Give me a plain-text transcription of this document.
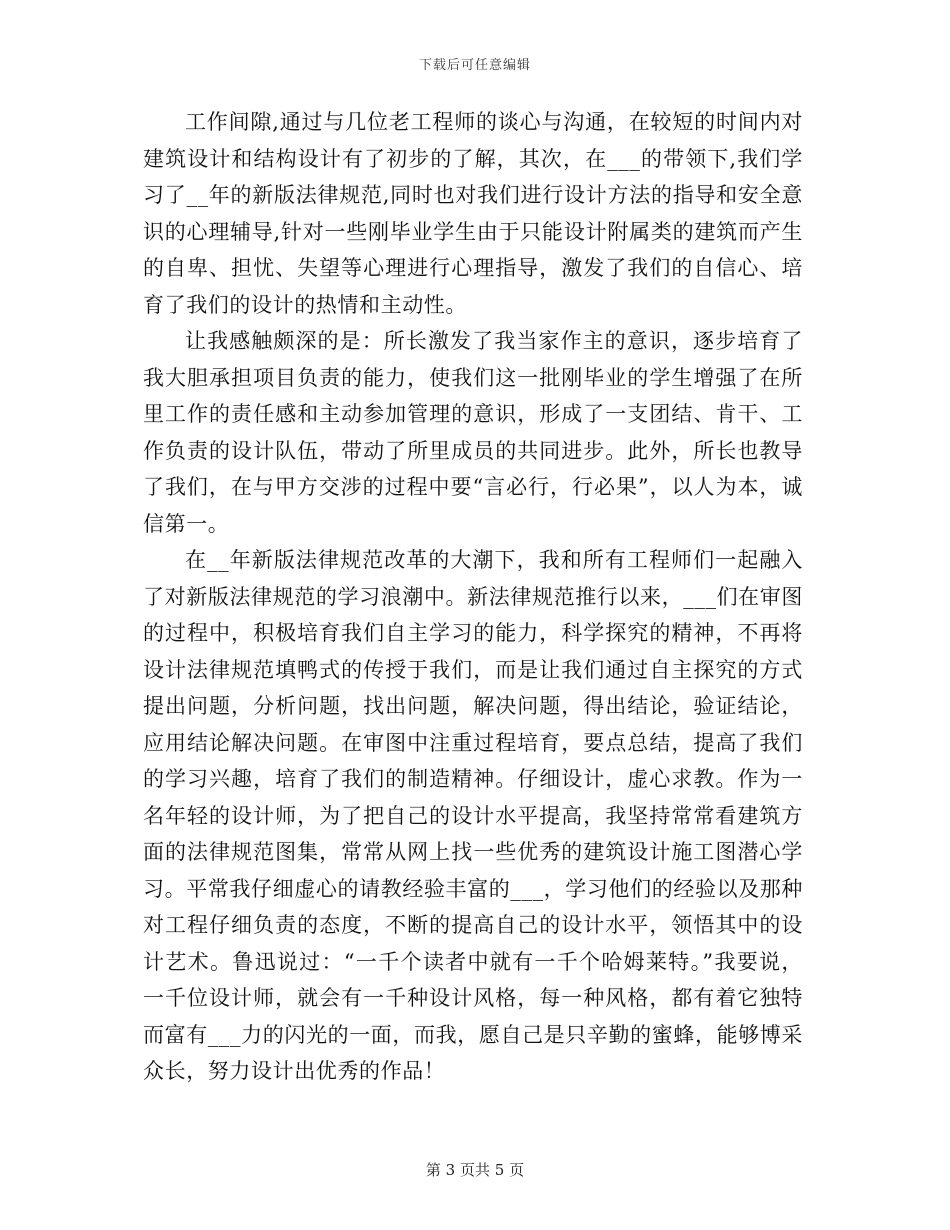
下载后可任意编辑

工作间隙,通过与几位老工程师的谈心与沟通，在较短的时间内对建筑设计和结构设计有了初步的了解，其次，在___的带领下,我们学习了__年的新版法律规范,同时也对我们进行设计方法的指导和安全意识的心理辅导,针对一些刚毕业学生由于只能设计附属类的建筑而产生的自卑、担忧、失望等心理进行心理指导，激发了我们的自信心、培育了我们的设计的热情和主动性。

让我感触颇深的是：所长激发了我当家作主的意识，逐步培育了我大胆承担项目负责的能力，使我们这一批刚毕业的学生增强了在所里工作的责任感和主动参加管理的意识，形成了一支团结、肯干、工作负责的设计队伍，带动了所里成员的共同进步。此外，所长也教导了我们，在与甲方交涉的过程中要“言必行，行必果”，以人为本，诚信第一。

在__年新版法律规范改革的大潮下，我和所有工程师们一起融入了对新版法律规范的学习浪潮中。新法律规范推行以来，___们在审图的过程中，积极培育我们自主学习的能力，科学探究的精神，不再将设计法律规范填鸭式的传授于我们，而是让我们通过自主探究的方式提出问题，分析问题，找出问题，解决问题，得出结论，验证结论，应用结论解决问题。在审图中注重过程培育，要点总结，提高了我们的学习兴趣，培育了我们的制造精神。仔细设计，虚心求教。作为一名年轻的设计师，为了把自己的设计水平提高，我坚持常常看建筑方面的法律规范图集，常常从网上找一些优秀的建筑设计施工图潜心学习。平常我仔细虚心的请教经验丰富的___，学习他们的经验以及那种对工程仔细负责的态度，不断的提高自己的设计水平，领悟其中的设计艺术。鲁迅说过：“一千个读者中就有一千个哈姆莱特。”我要说，一千位设计师，就会有一千种设计风格，每一种风格，都有着它独特而富有___力的闪光的一面，而我，愿自己是只辛勤的蜜蜂，能够博采众长，努力设计出优秀的作品！

第 3 页共 5 页
